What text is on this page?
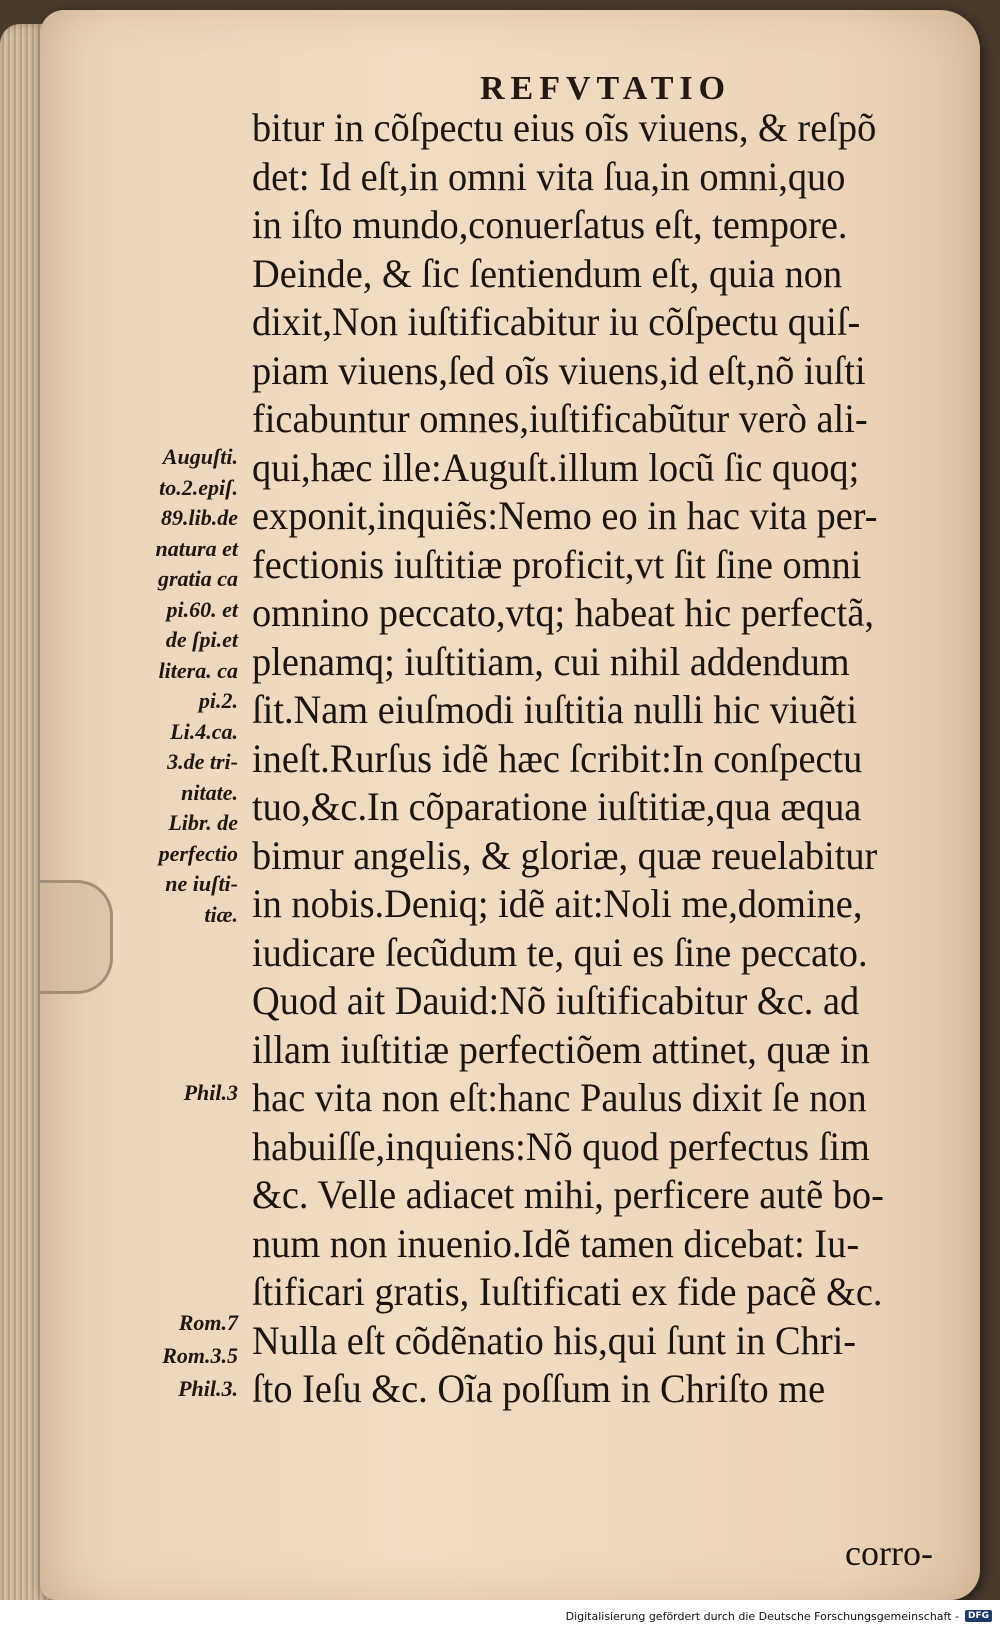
REFVTATIO
bitur in cõſpectu eius oĩs viuens, & reſpõ
det: Id eſt,in omni vita ſua,in omni,quo
in iſto mundo,conuerſatus eſt, tempore.
Deinde, & ſic ſentiendum eſt, quia non
dixit,Non iuſtificabitur iu cõſpectu quiſ-
piam viuens,ſed oĩs viuens,id eſt,nõ iuſti
ficabuntur omnes,iuſtificabũtur verò ali-
qui,hæc ille:Auguſt.illum locũ ſic quoq;
exponit,inquiẽs:Nemo eo in hac vita per-
fectionis iuſtitiæ proficit,vt ſit ſine omni
omnino peccato,vtq; habeat hic perfectã,
plenamq; iuſtitiam, cui nihil addendum
ſit.Nam eiuſmodi iuſtitia nulli hic viuẽti
ineſt.Rurſus idẽ hæc ſcribit:In conſpectu
tuo,&c.In cõparatione iuſtitiæ,qua æqua
bimur angelis, & gloriæ, quæ reuelabitur
in nobis.Deniq; idẽ ait:Noli me,domine,
iudicare ſecũdum te, qui es ſine peccato.
Quod ait Dauid:Nõ iuſtificabitur &c. ad
illam iuſtitiæ perfectiõem attinet, quæ in
hac vita non eſt:hanc Paulus dixit ſe non
habuiſſe,inquiens:Nõ quod perfectus ſim
&c. Velle adiacet mihi, perficere autẽ bo-
num non inuenio.Idẽ tamen dicebat: Iu-
ſtificari gratis, Iuſtificati ex fide pacẽ &c.
Nulla eſt cõdẽnatio his,qui ſunt in Chri-
ſto Ieſu &c. Oĩa poſſum in Chriſto me
Auguſti.
to.2.epiſ.
89.lib.de
natura et
gratia ca
pi.60. et
de ſpi.et
litera. ca
pi.2.
Li.4.ca.
3.de tri-
nitate.
Libr. de
perfectio
ne iuſti-
tiæ.
Phil.3
Rom.7
Rom.3.5
Phil.3.
corro-
Digitalisierung gefördert durch die Deutsche Forschungsgemeinschaft -	DFG
